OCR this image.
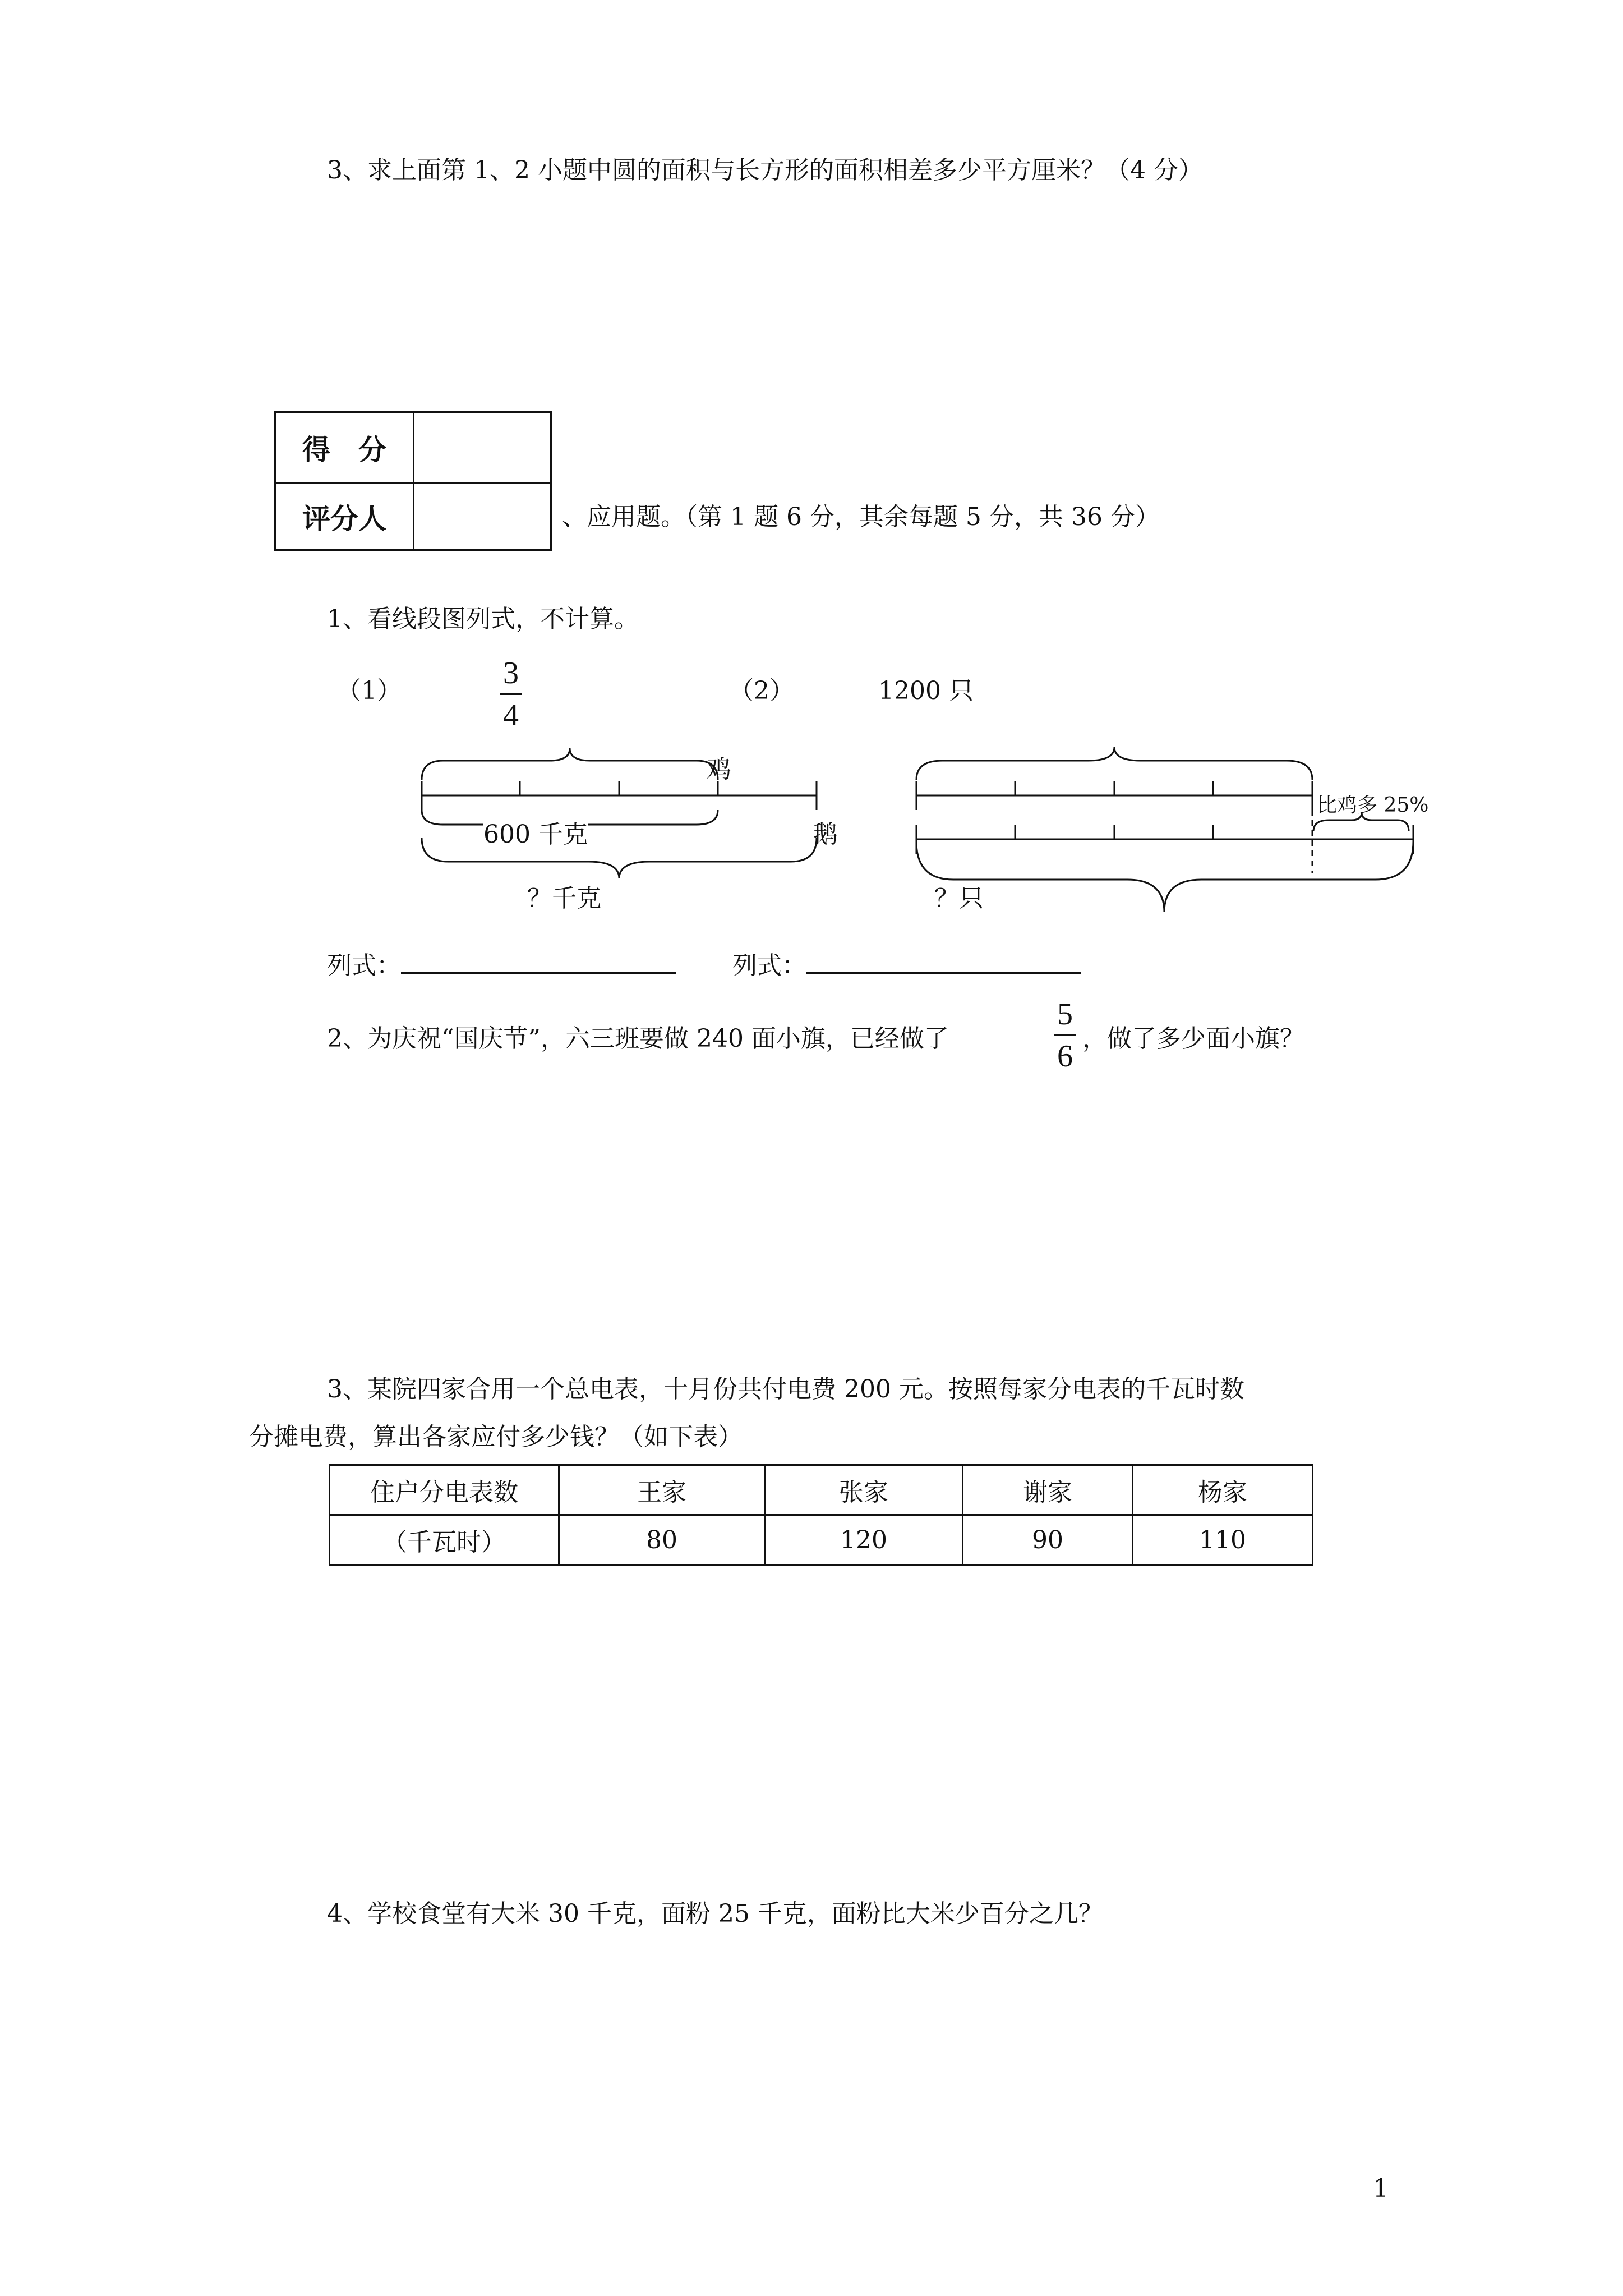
3、求上面第 1、2 小题中圆的面积与长方形的面积相差多少平方厘米？（4 分）
得　分
评分人	、应用题。（第 1 题 6 分，其余每题 5 分，共 36 分）
1、看线段图列式，不计算。
（1）
3
4
（2）	1200 只
鸡
600 千克	鹅
？千克
比鸡多 25%
？只
列式：	列式：
2、为庆祝“国庆节”，六三班要做 240 面小旗，已经做了
5
6
，做了多少面小旗？
3、某院四家合用一个总电表，十月份共付电费 200 元。按照每家分电表的千瓦时数
分摊电费，算出各家应付多少钱？（如下表）
住户分电表数	王家	张家	谢家	杨家
（千瓦时）	80	120	90	110
4、学校食堂有大米 30 千克，面粉 25 千克，面粉比大米少百分之几？
1
